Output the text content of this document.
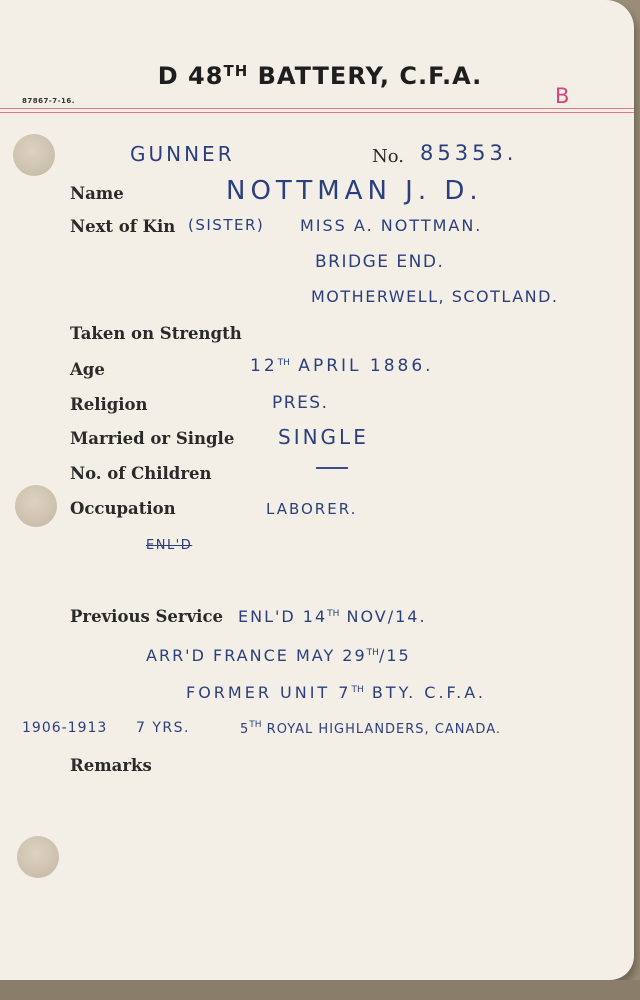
D 48TH BATTERY, C.F.A.
87867-7-16.	B
GUNNER	No. 85353.
Name	NOTTMAN J. D.
Next of Kin (SISTER) MISS A. NOTTMAN.
BRIDGE END.
MOTHERWELL, SCOTLAND.
Taken on Strength
Age	12TH APRIL 1886.
Religion	PRES.
Married or Single SINGLE
No. of Children
Occupation	LABORER.
ENL'D
Previous Service ENL'D 14TH NOV/14.
ARR'D FRANCE MAY 29TH/15
FORMER UNIT 7TH BTY. C.F.A.
1906-1913 7 YRS.	5TH ROYAL HIGHLANDERS, CANADA.
Remarks
